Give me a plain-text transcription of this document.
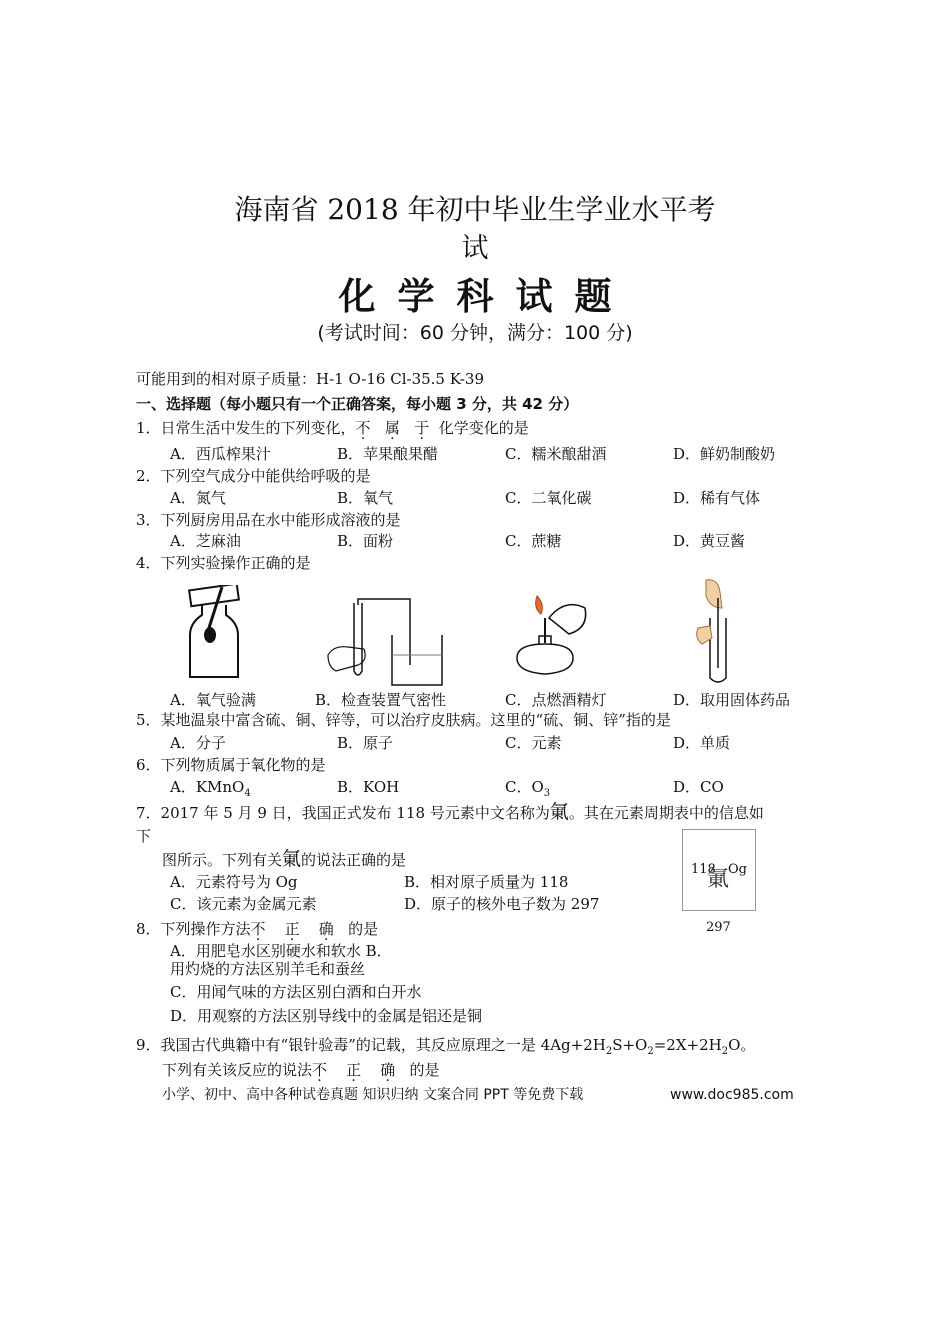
海南省 2018 年初中毕业生学业水平考
试
化学科试题
(考试时间：60 分钟，满分：100 分)
可能用到的相对原子质量：H-1 O-16 Cl-35.5 K-39
一、选择题（每小题只有一个正确答案，每小题 3 分，共 42 分）
1．日常生活中发生的下列变化，不 属 于 化学变化的是
A．西瓜榨果汁	B．苹果酿果醋	C．糯米酿甜酒	D．鲜奶制酸奶
2．下列空气成分中能供给呼吸的是
A．氮气	B．氧气	C．二氧化碳	D．稀有气体
3．下列厨房用品在水中能形成溶液的是
A．芝麻油	B．面粉	C．蔗糖	D．黄豆酱
4．下列实验操作正确的是
A．氧气验满	B．检查装置气密性	C．点燃酒精灯	D．取用固体药品
5．某地温泉中富含硫、铜、锌等，可以治疗皮肤病。这里的“硫、铜、锌”指的是
A．分子	B．原子	C．元素	D．单质
6．下列物质属于氧化物的是
A．KMnO$_4$	B．KOH	C．$O_3$	D．CO
7．2017 年 5 月 9 日，我国正式发布 118 号元素中文名称为氭。其在元素周期表中的信息如
下
图所示。下列有关氭的说法正确的是
A．元素符号为 Og	B．相对原子质量为 118
C．该元素为金属元素	D．原子的核外电子数为 297
118 Og
氭
297
8．下列操作方法不 正 确 的是
A．用肥皂水区别硬水和软水 B．
用灼烧的方法区别羊毛和蚕丝
C．用闻气味的方法区别白酒和白开水
D．用观察的方法区别导线中的金属是铝还是铜
9．我国古代典籍中有“银针验毒”的记载，其反应原理之一是 $4Ag+2H_2S+O_2=2X+2H_2O$。
下列有关该反应的说法不 正 确 的是
小学、初中、高中各种试卷真题 知识归纳 文案合同 PPT 等免费下载	www.doc985.com
